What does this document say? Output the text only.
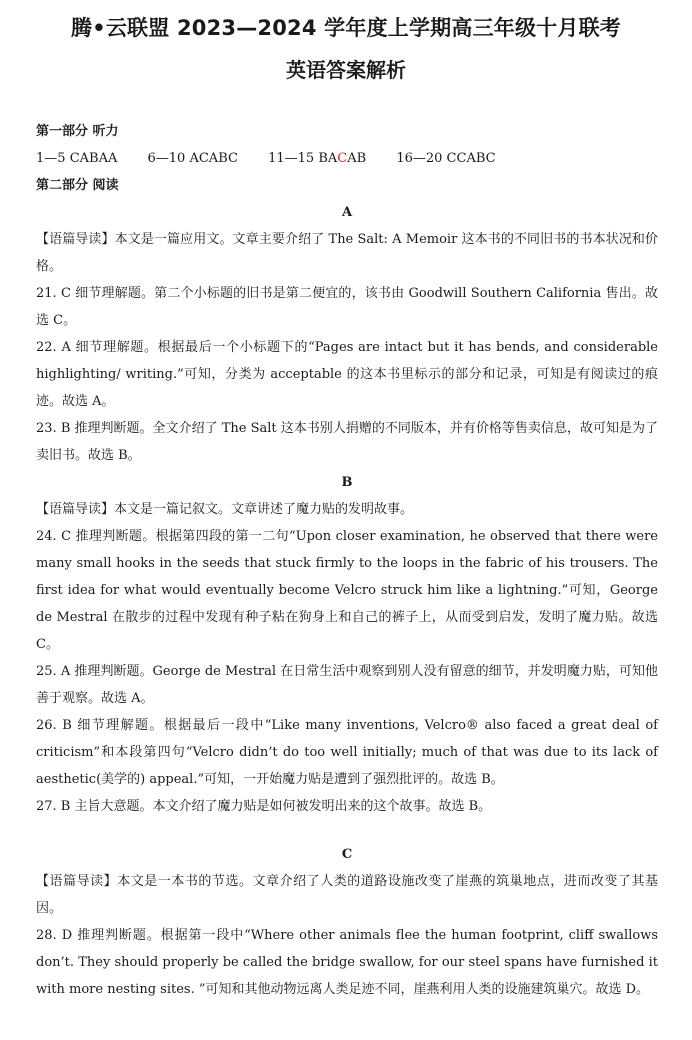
腾•云联盟 2023—2024 学年度上学期高三年级十月联考
英语答案解析
第一部分 听力
1—5 CABAA 6—10 ACABC 11—15 BACAB 16—20 CCABC
第二部分 阅读
A

【语篇导读】本文是一篇应用文。文章主要介绍了 The Salt: A Memoir 这本书的不同旧书的书本状况和价格。

21. C 细节理解题。第二个小标题的旧书是第二便宜的，该书由 Goodwill Southern California 售出。故选 C。

22. A 细节理解题。根据最后一个小标题下的“Pages are intact but it has bends, and considerable highlighting/ writing.”可知，分类为 acceptable 的这本书里标示的部分和记录，可知是有阅读过的痕迹。故选 A。

23. B 推理判断题。全文介绍了 The Salt 这本书别人捐赠的不同版本，并有价格等售卖信息，故可知是为了卖旧书。故选 B。

B

【语篇导读】本文是一篇记叙文。文章讲述了魔力贴的发明故事。

24. C 推理判断题。根据第四段的第一二句“Upon closer examination, he observed that there were many small hooks in the seeds that stuck firmly to the loops in the fabric of his trousers. The first idea for what would eventually become Velcro struck him like a lightning.”可知，George de Mestral 在散步的过程中发现有种子粘在狗身上和自己的裤子上，从而受到启发，发明了魔力贴。故选 C。

25. A 推理判断题。George de Mestral 在日常生活中观察到别人没有留意的细节，并发明魔力贴，可知他善于观察。故选 A。

26. B 细节理解题。根据最后一段中“Like many inventions, Velcro® also faced a great deal of criticism”和本段第四句“Velcro didn’t do too well initially; much of that was due to its lack of aesthetic(美学的) appeal.”可知，一开始魔力贴是遭到了强烈批评的。故选 B。

27. B 主旨大意题。本文介绍了魔力贴是如何被发明出来的这个故事。故选 B。

C

【语篇导读】本文是一本书的节选。文章介绍了人类的道路设施改变了崖燕的筑巢地点，进而改变了其基因。

28. D 推理判断题。根据第一段中“Where other animals flee the human footprint, cliff swallows don’t. They should properly be called the bridge swallow, for our steel spans have furnished it with more nesting sites. ”可知和其他动物远离人类足迹不同，崖燕利用人类的设施建筑巢穴。故选 D。
